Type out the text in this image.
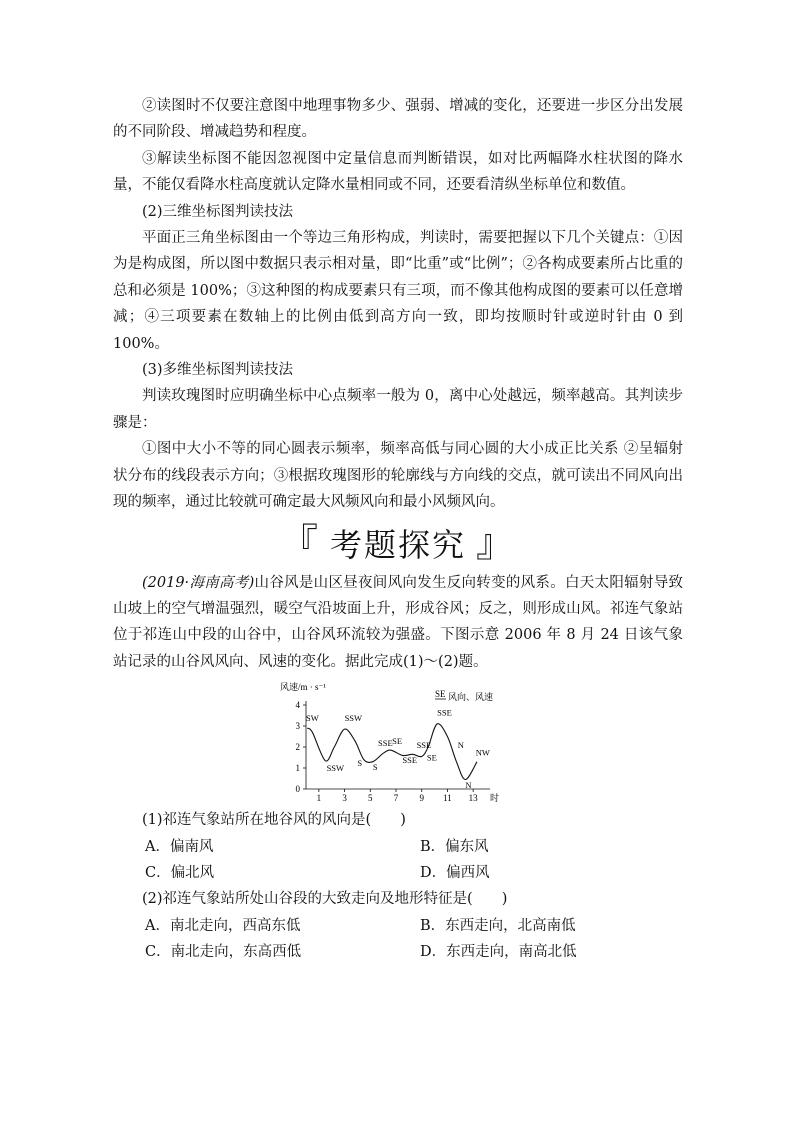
②读图时不仅要注意图中地理事物多少、强弱、增减的变化，还要进一步区分出发展的不同阶段、增减趋势和程度。

③解读坐标图不能因忽视图中定量信息而判断错误，如对比两幅降水柱状图的降水量，不能仅看降水柱高度就认定降水量相同或不同，还要看清纵坐标单位和数值。

(2)三维坐标图判读技法

平面正三角坐标图由一个等边三角形构成，判读时，需要把握以下几个关键点：①因为是构成图，所以图中数据只表示相对量，即“比重”或“比例”；②各构成要素所占比重的总和必须是 100%；③这种图的构成要素只有三项，而不像其他构成图的要素可以任意增减；④三项要素在数轴上的比例由低到高方向一致，即均按顺时针或逆时针由 0 到 100%。

(3)多维坐标图判读技法

判读玫瑰图时应明确坐标中心点频率一般为 0，离中心处越远，频率越高。其判读步骤是：

①图中大小不等的同心圆表示频率，频率高低与同心圆的大小成正比关系 ②呈辐射状分布的线段表示方向；③根据玫瑰图形的轮廓线与方向线的交点，就可读出不同风向出现的频率，通过比较就可确定最大风频风向和最小风频风向。

『 考题探究 』

(2019·海南高考)山谷风是山区昼夜间风向发生反向转变的风系。白天太阳辐射导致山坡上的空气增温强烈，暖空气沿坡面上升，形成谷风；反之，则形成山风。祁连气象站位于祁连山中段的山谷中，山谷风环流较为强盛。下图示意 2006 年 8 月 24 日该气象站记录的山谷风风向、风速的变化。据此完成(1)～(2)题。

风速/m · s⁻¹
SE 风向、风速
时
0
1
2
3
4
1 3 5 7 9 11 13
SW
SSW
SSW
S S
SSE SE
SSE
SSE
SE
SSE
N
N
NW

(1)祁连气象站所在地谷风的风向是(　　)

A．偏南风	B．偏东风

C．偏北风	D．偏西风

(2)祁连气象站所处山谷段的大致走向及地形特征是(　　)

A．南北走向，西高东低	B．东西走向，北高南低

C．南北走向，东高西低	D．东西走向，南高北低
